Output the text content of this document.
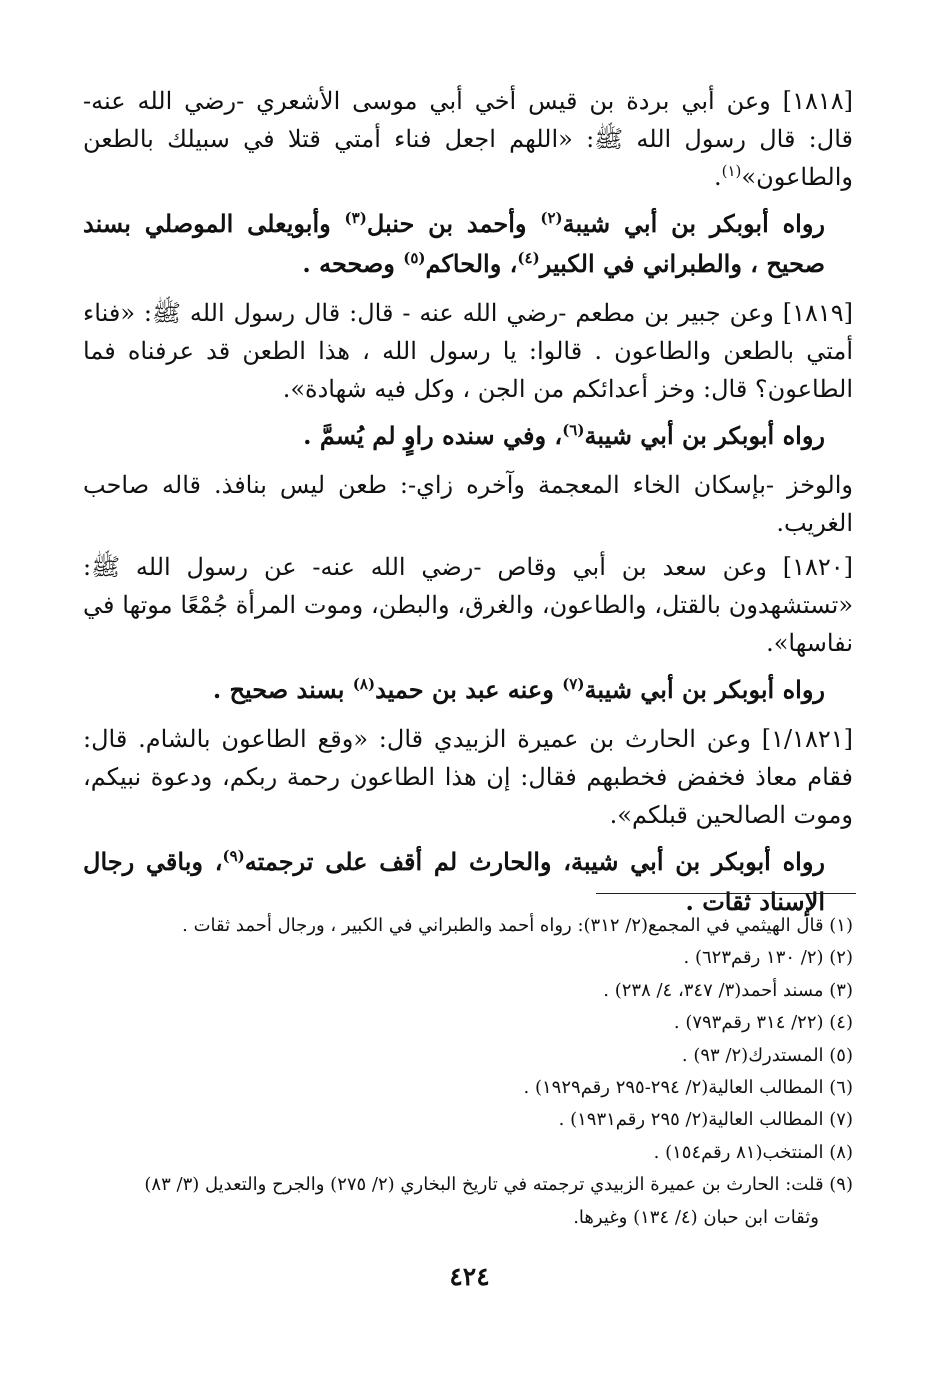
[١٨١٨] وعن أبي بردة بن قيس أخي أبي موسى الأشعري -رضي الله عنه- قال: قال رسول الله ﷺ: «اللهم اجعل فناء أمتي قتلا في سبيلك بالطعن والطاعون»$^{(١)}$.

رواه أبوبكر بن أبي شيبة$^{(٢)}$ وأحمد بن حنبل$^{(٣)}$ وأبويعلى الموصلي بسند صحيح ، والطبراني في الكبير$^{(٤)}$، والحاكم$^{(٥)}$ وصححه .

[١٨١٩] وعن جبير بن مطعم -رضي الله عنه - قال: قال رسول الله ﷺ: «فناء أمتي بالطعن والطاعون . قالوا: يا رسول الله ، هذا الطعن قد عرفناه فما الطاعون؟ قال: وخز أعدائكم من الجن ، وكل فيه شهادة».

رواه أبوبكر بن أبي شيبة$^{(٦)}$، وفي سنده راوٍ لم يُسمَّ .

والوخز -بإسكان الخاء المعجمة وآخره زاي-: طعن ليس بنافذ. قاله صاحب الغريب.

[١٨٢٠] وعن سعد بن أبي وقاص -رضي الله عنه- عن رسول الله ﷺ: «تستشهدون بالقتل، والطاعون، والغرق، والبطن، وموت المرأة جُمْعًا موتها في نفاسها».

رواه أبوبكر بن أبي شيبة$^{(٧)}$ وعنه عبد بن حميد$^{(٨)}$ بسند صحيح .

[١/١٨٢١] وعن الحارث بن عميرة الزبيدي قال: «وقع الطاعون بالشام. قال: فقام معاذ فخفض فخطبهم فقال: إن هذا الطاعون رحمة ربكم، ودعوة نبيكم، وموت الصالحين قبلكم».

رواه أبوبكر بن أبي شيبة، والحارث لم أقف على ترجمته$^{(٩)}$، وباقي رجال الإسناد ثقات .

(١) قال الهيثمي في المجمع(٢/ ٣١٢): رواه أحمد والطبراني في الكبير ، ورجال أحمد ثقات .

(٢) (٢/ ١٣٠ رقم٦٢٣) .

(٣) مسند أحمد(٣/ ٣٤٧، ٤/ ٢٣٨) .

(٤) (٢٢/ ٣١٤ رقم٧٩٣) .

(٥) المستدرك(٢/ ٩٣) .

(٦) المطالب العالية(٢/ ٢٩٤-٢٩٥ رقم١٩٢٩) .

(٧) المطالب العالية(٢/ ٢٩٥ رقم١٩٣١) .

(٨) المنتخب(٨١ رقم١٥٤) .

(٩) قلت: الحارث بن عميرة الزبيدي ترجمته في تاريخ البخاري (٢/ ٢٧٥) والجرح والتعديل (٣/ ٨٣)

وثقات ابن حبان (٤/ ١٣٤) وغيرها.

٤٢٤
